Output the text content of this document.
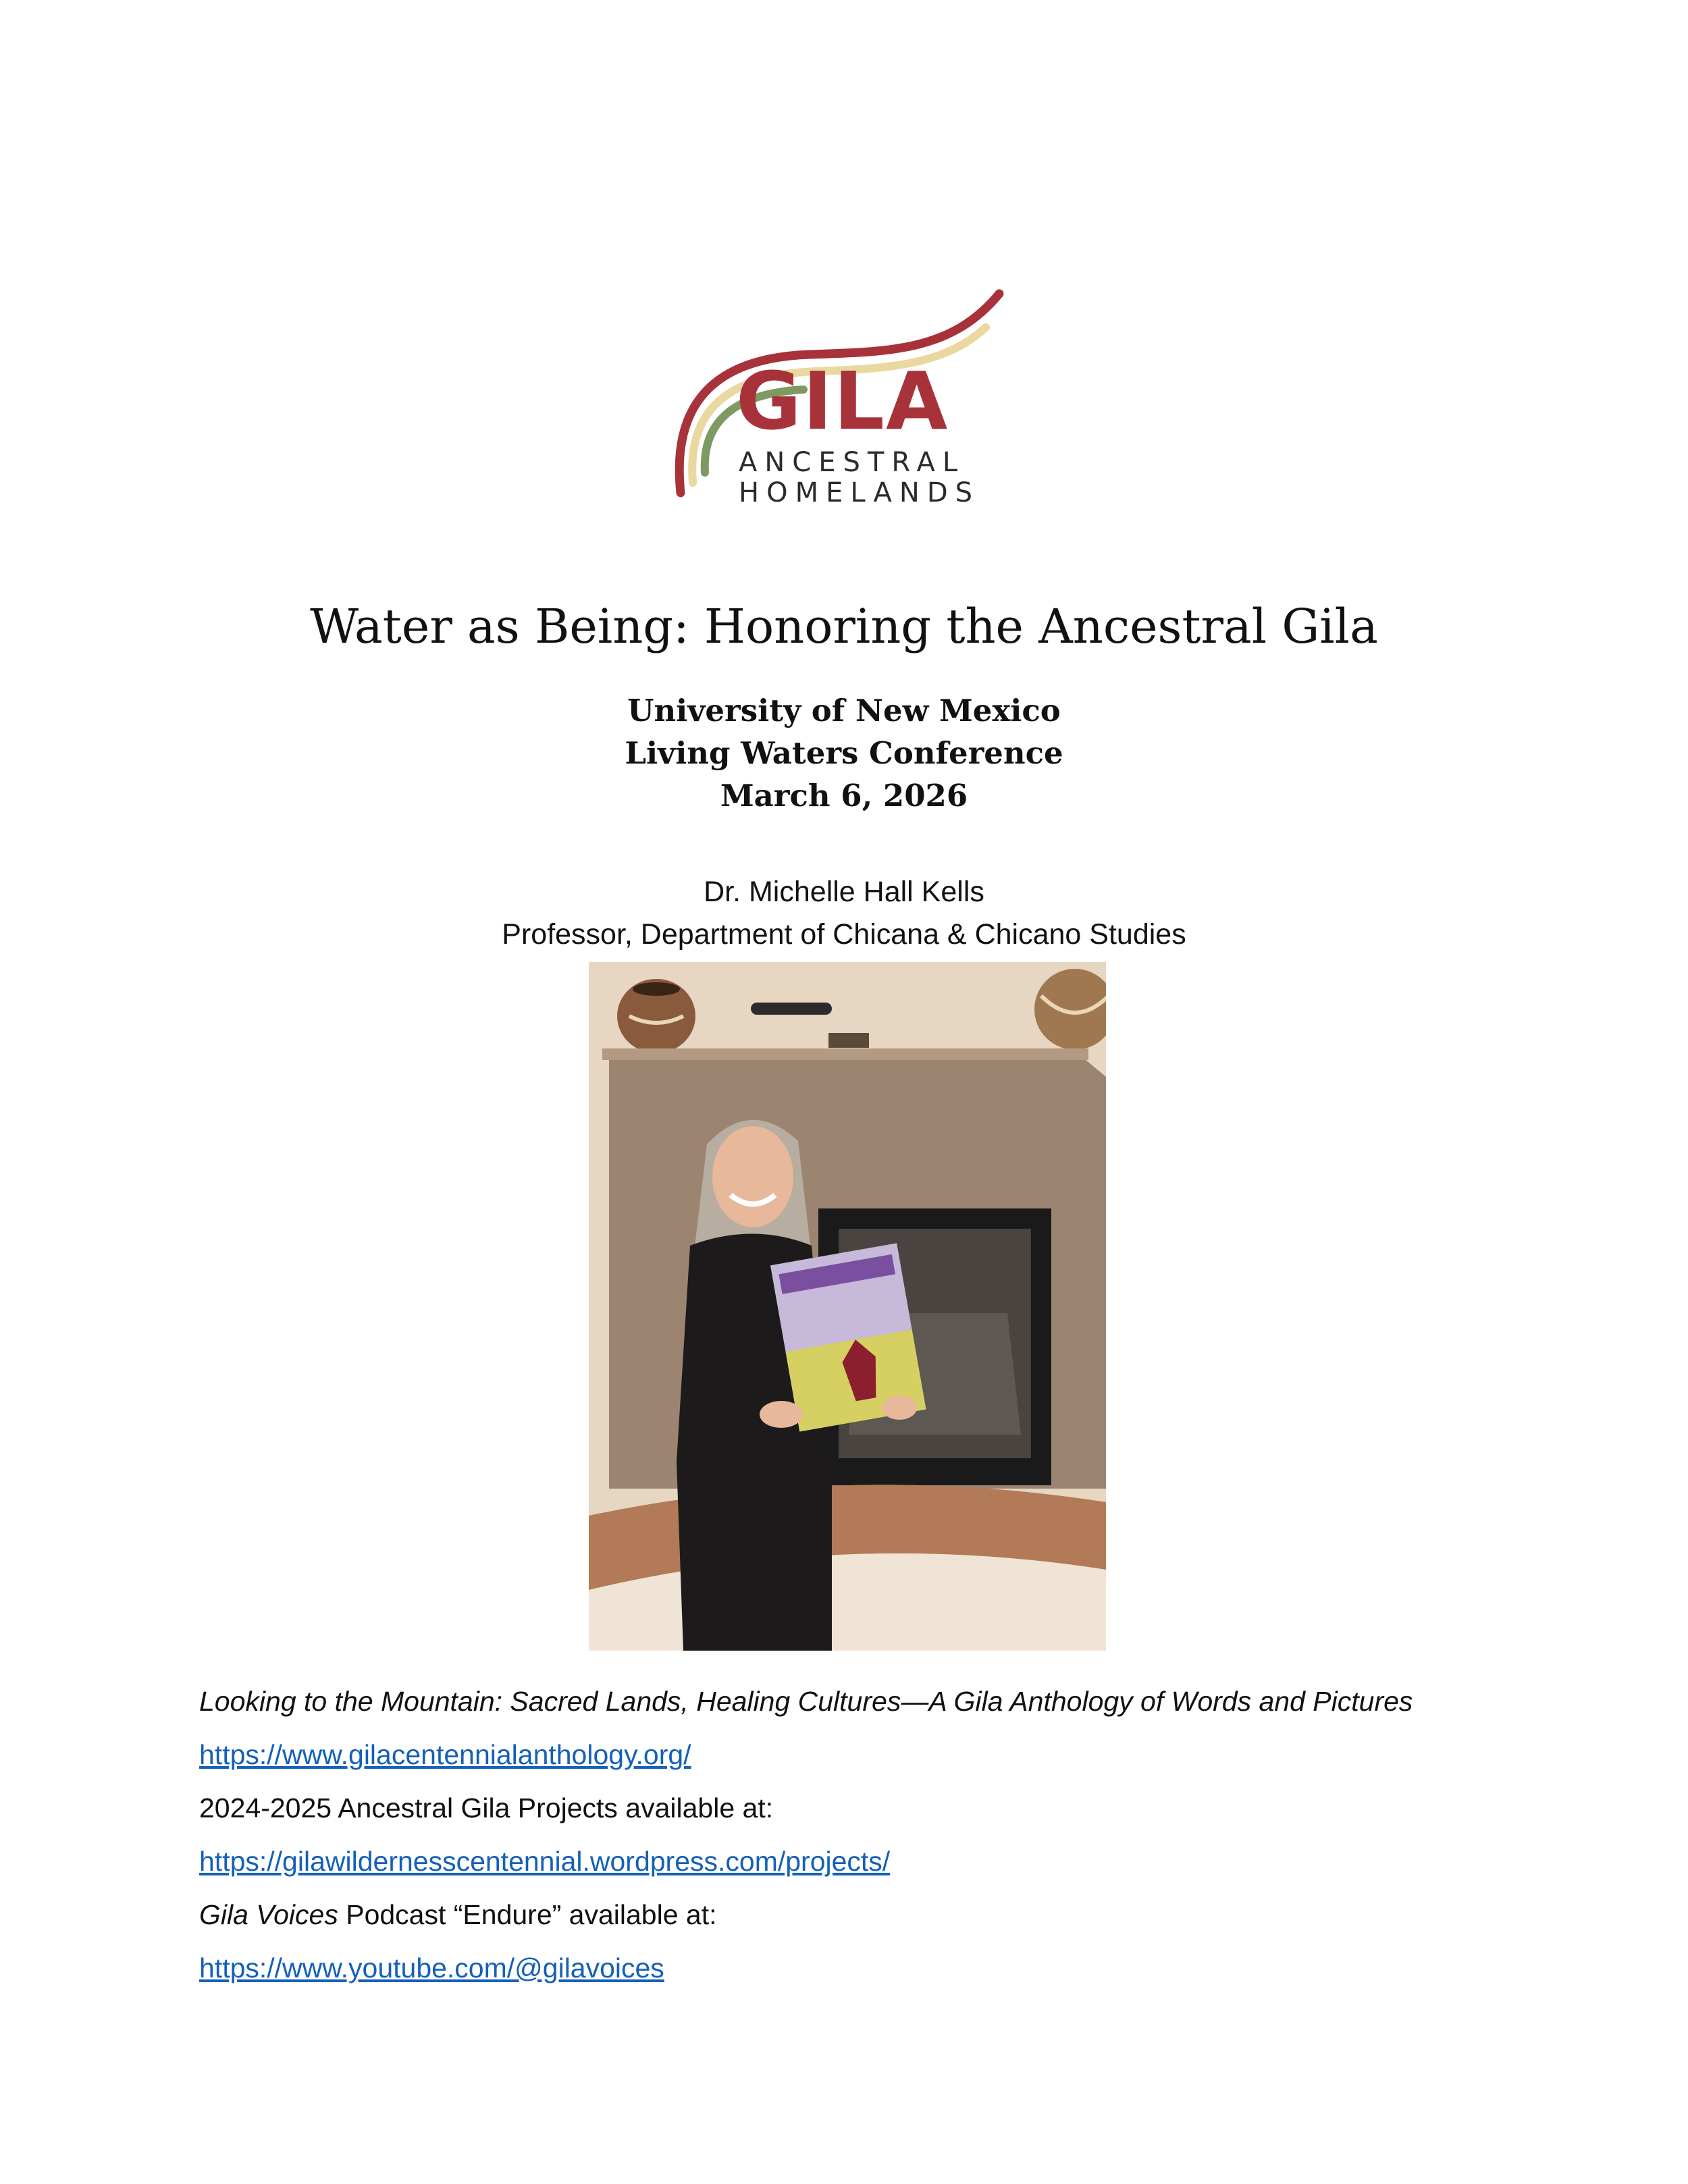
GILA
ANCESTRAL
HOMELANDS
Water as Being: Honoring the Ancestral Gila
University of New Mexico
Living Waters Conference
March 6, 2026
Dr. Michelle Hall Kells
Professor, Department of Chicana & Chicano Studies
Looking to the Mountain: Sacred Lands, Healing Cultures—A Gila Anthology of Words and Pictures
https://www.gilacentennialanthology.org/
2024-2025 Ancestral Gila Projects available at:
https://gilawildernesscentennial.wordpress.com/projects/
Gila Voices Podcast “Endure” available at:
https://www.youtube.com/@gilavoices
